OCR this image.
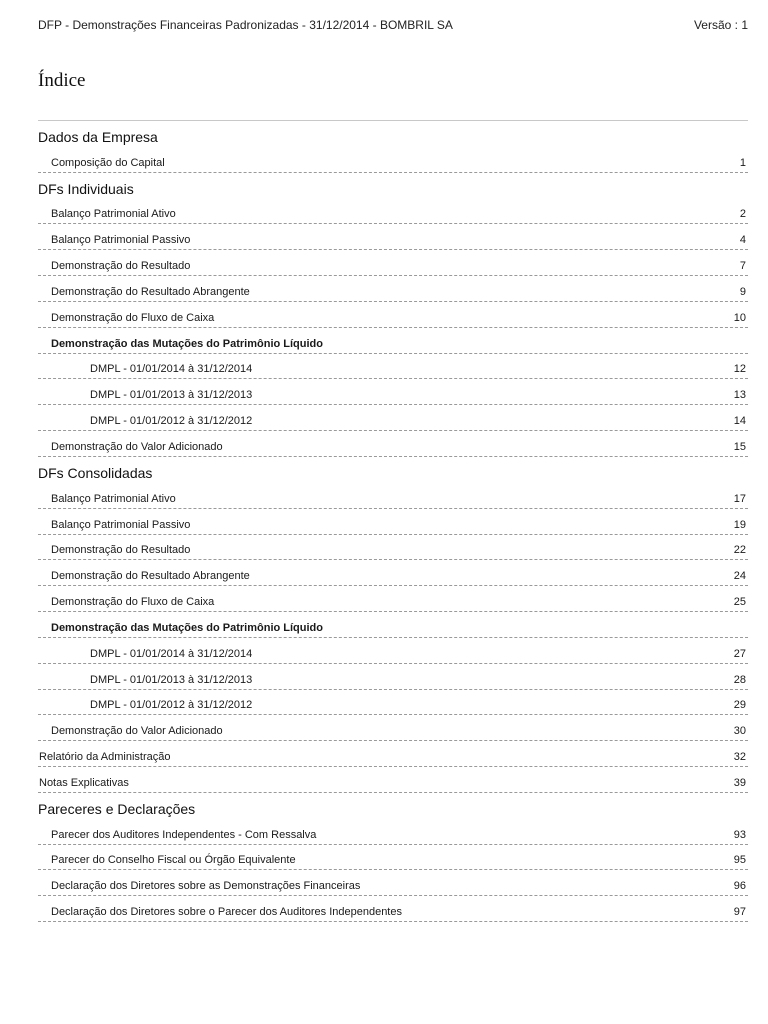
DFP - Demonstrações Financeiras Padronizadas - 31/12/2014 - BOMBRIL SA	Versão : 1
Índice
Dados da Empresa
Composição do Capital	1
DFs Individuais
Balanço Patrimonial Ativo	2
Balanço Patrimonial Passivo	4
Demonstração do Resultado	7
Demonstração do Resultado Abrangente	9
Demonstração do Fluxo de Caixa	10
Demonstração das Mutações do Patrimônio Líquido
DMPL - 01/01/2014 à 31/12/2014	12
DMPL - 01/01/2013 à 31/12/2013	13
DMPL - 01/01/2012 à 31/12/2012	14
Demonstração do Valor Adicionado	15
DFs Consolidadas
Balanço Patrimonial Ativo	17
Balanço Patrimonial Passivo	19
Demonstração do Resultado	22
Demonstração do Resultado Abrangente	24
Demonstração do Fluxo de Caixa	25
Demonstração das Mutações do Patrimônio Líquido
DMPL - 01/01/2014 à 31/12/2014	27
DMPL - 01/01/2013 à 31/12/2013	28
DMPL - 01/01/2012 à 31/12/2012	29
Demonstração do Valor Adicionado	30
Relatório da Administração	32
Notas Explicativas	39
Pareceres e Declarações
Parecer dos Auditores Independentes - Com Ressalva	93
Parecer do Conselho Fiscal ou Órgão Equivalente	95
Declaração dos Diretores sobre as Demonstrações Financeiras	96
Declaração dos Diretores sobre o Parecer dos Auditores Independentes	97
